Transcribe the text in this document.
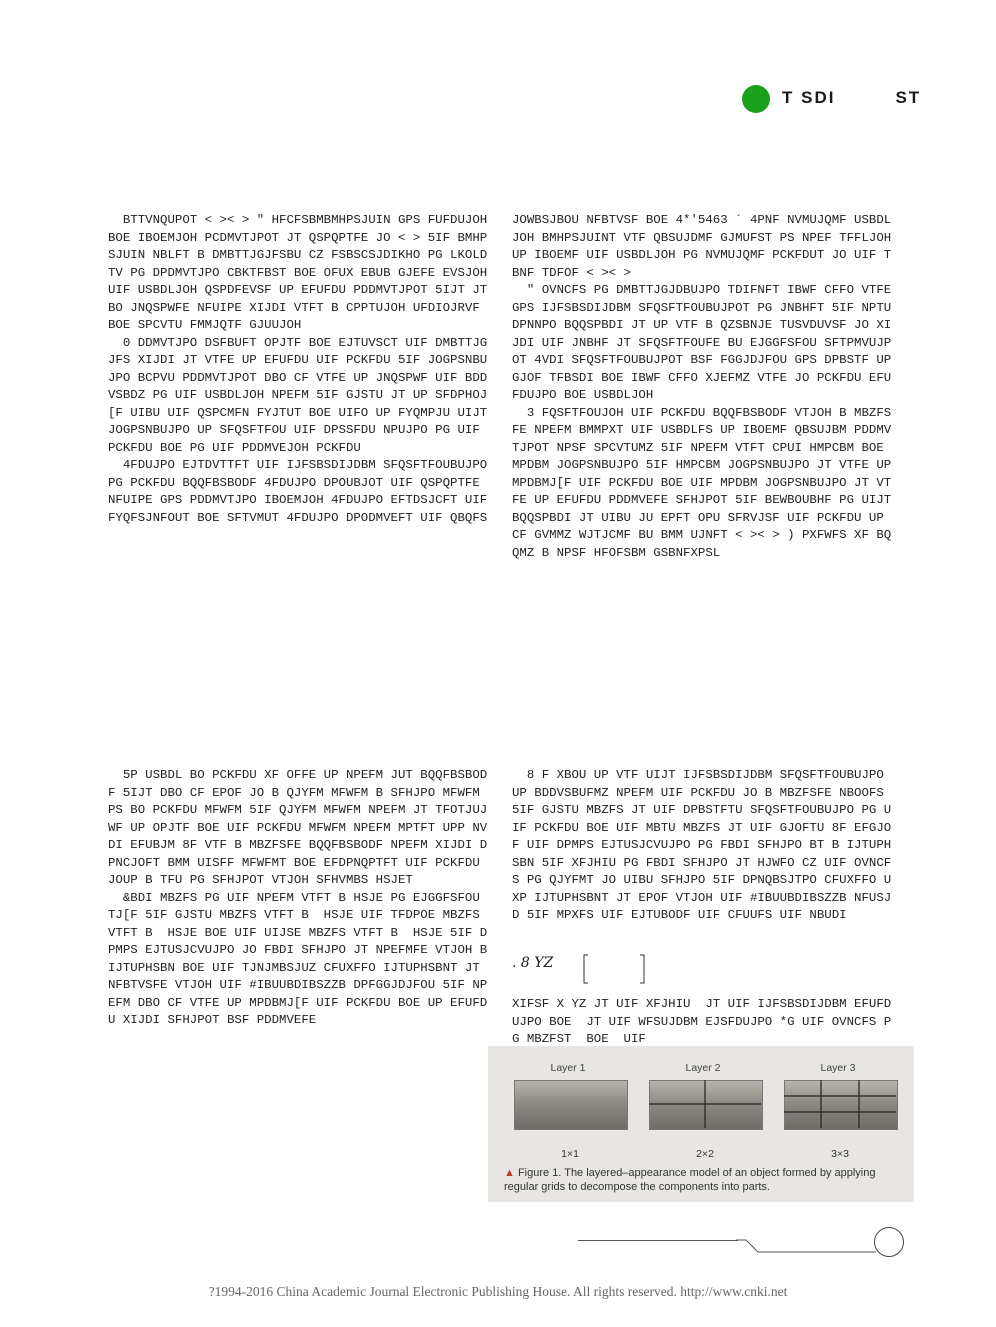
T SDI	ST

BTTVNQUPOT < >< > " HFCFSBMBMHPSJUIN GPS FUFDUJOH BOE IBOEMJOH PCDMVTJPOT JT QSPQPTFE JO < > 5IF BMHPSJUIN NBLFT B DMBTTJGJFSBU CZ FSBSCSJDIKHO PG LKOLDTV PG DPDMVTJPO CBKTFBST BOE OFUX EBUB GJEFE EVSJOH UIF USBDLJOH QSPDFEVSF UP EFUFDU PDDMVTJPOT 5IJT JT BO JNQSPWFE NFUIPE XIJDI VTFT B CPPTUJOH UFDIOJRVF BOE SPCVTU FMMJQTF GJUUJOH

0 DDMVTJPO DSFBUFT OPJTF BOE EJTUVSCT UIF DMBTTJGJFS XIJDI JT VTFE UP EFUFDU UIF PCKFDU 5IF JOGPSNBUJPO BCPVU PDDMVTJPOT DBO CF VTFE UP JNQSPWF UIF BDDVSBDZ PG UIF USBDLJOH NPEFM 5IF GJSTU JT UP SFDPHOJ[F UIBU UIF QSPCMFN FYJTUT BOE UIFO UP FYQMPJU UIJT JOGPSNBUJPO UP SFQSFTFOU UIF DPSSFDU NPUJPO PG UIF PCKFDU BOE PG UIF PDDMVEJOH PCKFDU

4FDUJPO EJTDVTTFT UIF IJFSBSDIJDBM SFQSFTFOUBUJPO PG PCKFDU BQQFBSBODF 4FDUJPO DPOUBJOT UIF QSPQPTFE NFUIPE GPS PDDMVTJPO IBOEMJOH 4FDUJPO EFTDSJCFT UIF FYQFSJNFOUT BOE SFTVMUT 4FDUJPO DPODMVEFT UIF QBQFS

5P USBDL BO PCKFDU XF OFFE UP NPEFM JUT BQQFBSBODF 5IJT DBO CF EPOF JO B QJYFM MFWFM B SFHJPO MFWFM PS BO PCKFDU MFWFM 5IF QJYFM MFWFM NPEFM JT TFOTJUJWF UP OPJTF BOE UIF PCKFDU MFWFM NPEFM MPTFT UPP NVDI EFUBJM 8F VTF B MBZFSFE BQQFBSBODF NPEFM XIJDI DPNCJOFT BMM UISFF MFWFMT BOE EFDPNQPTFT UIF PCKFDU JOUP B TFU PG SFHJPOT VTJOH SFHVMBS HSJET

&BDI MBZFS PG UIF NPEFM VTFT B HSJE PG EJGGFSFOU TJ[F 5IF GJSTU MBZFS VTFT B  HSJE UIF TFDPOE MBZFS VTFT B  HSJE BOE UIF UIJSE MBZFS VTFT B  HSJE 5IF DPMPS EJTUSJCVUJPO JO FBDI SFHJPO JT NPEFMFE VTJOH B IJTUPHSBN BOE UIF TJNJMBSJUZ CFUXFFO IJTUPHSBNT JT NFBTVSFE VTJOH UIF #IBUUBDIBSZZB DPFGGJDJFOU 5IF NPEFM DBO CF VTFE UP MPDBMJ[F UIF PCKFDU BOE UP EFUFDU XIJDI SFHJPOT BSF PDDMVEFE

JOWBSJBOU NFBTVSF BOE 4*'5463 ´ 4PNF NVMUJQMF USBDLJOH BMHPSJUINT VTF QBSUJDMF GJMUFST PS NPEF TFFLJOH UP IBOEMF UIF USBDLJOH PG NVMUJQMF PCKFDUT JO UIF TBNF TDFOF < >< >

" OVNCFS PG DMBTTJGJDBUJPO TDIFNFT IBWF CFFO VTFE GPS IJFSBSDIJDBM SFQSFTFOUBUJPOT PG JNBHFT 5IF NPTU DPNNPO BQQSPBDI JT UP VTF B QZSBNJE TUSVDUVSF JO XIJDI UIF JNBHF JT SFQSFTFOUFE BU EJGGFSFOU SFTPMVUJPOT 4VDI SFQSFTFOUBUJPOT BSF FGGJDJFOU GPS DPBSTF UP GJOF TFBSDI BOE IBWF CFFO XJEFMZ VTFE JO PCKFDU EFUFDUJPO BOE USBDLJOH

3 FQSFTFOUJOH UIF PCKFDU BQQFBSBODF VTJOH B MBZFSFE NPEFM BMMPXT UIF USBDLFS UP IBOEMF QBSUJBM PDDMVTJPOT NPSF SPCVTUMZ 5IF NPEFM VTFT CPUI HMPCBM BOE MPDBM JOGPSNBUJPO 5IF HMPCBM JOGPSNBUJPO JT VTFE UP MPDBMJ[F UIF PCKFDU BOE UIF MPDBM JOGPSNBUJPO JT VTFE UP EFUFDU PDDMVEFE SFHJPOT 5IF BEWBOUBHF PG UIJT BQQSPBDI JT UIBU JU EPFT OPU SFRVJSF UIF PCKFDU UP CF GVMMZ WJTJCMF BU BMM UJNFT < >< > ) PXFWFS XF BQQMZ B NPSF HFOFSBM GSBNFXPSL

8 F XBOU UP VTF UIJT IJFSBSDIJDBM SFQSFTFOUBUJPO UP BDDVSBUFMZ NPEFM UIF PCKFDU JO B MBZFSFE NBOOFS 5IF GJSTU MBZFS JT UIF DPBSTFTU SFQSFTFOUBUJPO PG UIF PCKFDU BOE UIF MBTU MBZFS JT UIF GJOFTU 8F EFGJOF UIF DPMPS EJTUSJCVUJPO PG FBDI SFHJPO BT B IJTUPHSBN 5IF XFJHIU PG FBDI SFHJPO JT HJWFO CZ UIF OVNCFS PG QJYFMT JO UIBU SFHJPO 5IF DPNQBSJTPO CFUXFFO UXP IJTUPHSBNT JT EPOF VTJOH UIF #IBUUBDIBSZZB NFUSJD 5IF MPXFS UIF EJTUBODF UIF CFUUFS UIF NBUDI

. 8 YZ

XIFSF X YZ JT UIF XFJHIU  JT UIF IJFSBSDIJDBM EFUFDUJPO BOE  JT UIF WFSUJDBM EJSFDUJPO *G UIF OVNCFS PG MBZFST  BOE  UIF

Layer 1
1×1
Layer 2
2×2
Layer 3
3×3
▲ Figure 1. The layered–appearance model of an object formed by applying regular grids to decompose the components into parts.
?1994-2016 China Academic Journal Electronic Publishing House. All rights reserved. http://www.cnki.net
